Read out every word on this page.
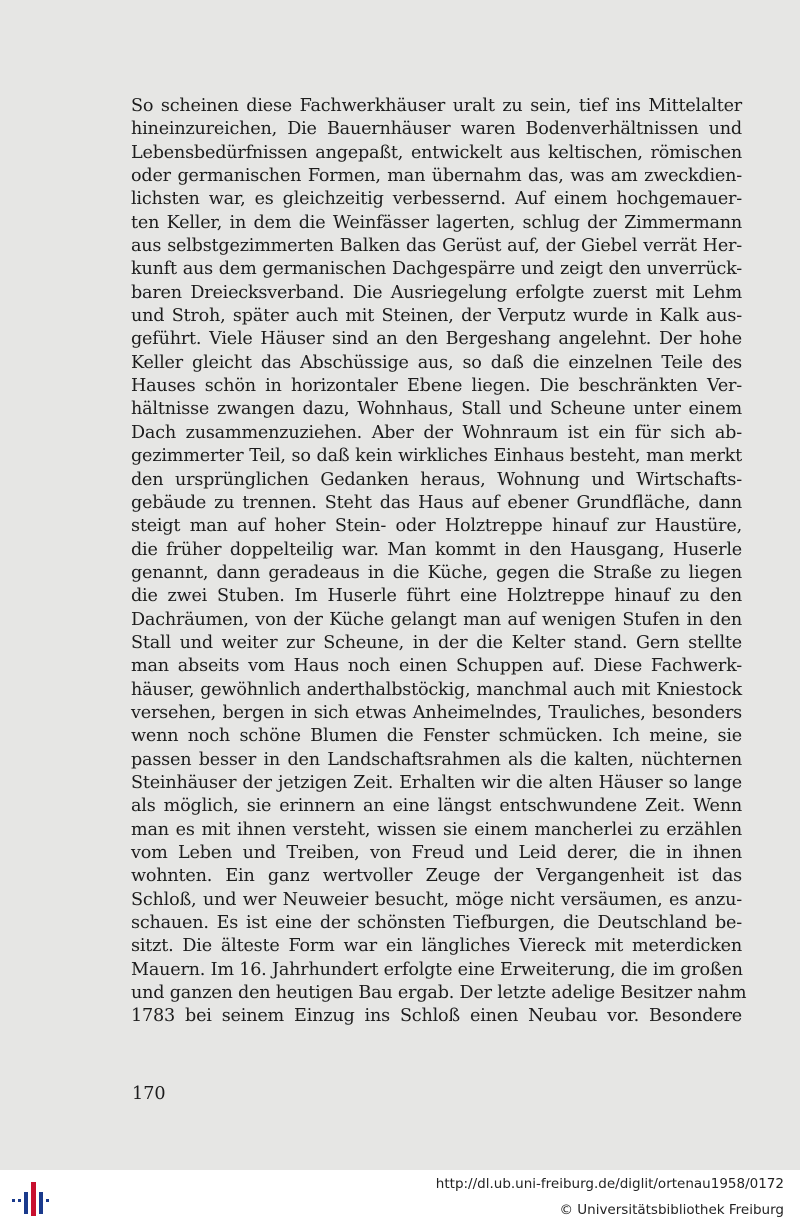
So scheinen diese Fachwerkhäuser uralt zu sein, tief ins Mittelalter
hineinzureichen, Die Bauernhäuser waren Bodenverhältnissen und
Lebensbedürfnissen angepaßt, entwickelt aus keltischen, römischen
oder germanischen Formen, man übernahm das, was am zweckdien-
lichsten war, es gleichzeitig verbessernd. Auf einem hochgemauer-
ten Keller, in dem die Weinfässer lagerten, schlug der Zimmermann
aus selbstgezimmerten Balken das Gerüst auf, der Giebel verrät Her-
kunft aus dem germanischen Dachgespärre und zeigt den unverrück-
baren Dreiecksverband. Die Ausriegelung erfolgte zuerst mit Lehm
und Stroh, später auch mit Steinen, der Verputz wurde in Kalk aus-
geführt. Viele Häuser sind an den Bergeshang angelehnt. Der hohe
Keller gleicht das Abschüssige aus, so daß die einzelnen Teile des
Hauses schön in horizontaler Ebene liegen. Die beschränkten Ver-
hältnisse zwangen dazu, Wohnhaus, Stall und Scheune unter einem
Dach zusammenzuziehen. Aber der Wohnraum ist ein für sich ab-
gezimmerter Teil, so daß kein wirkliches Einhaus besteht, man merkt
den ursprünglichen Gedanken heraus, Wohnung und Wirtschafts-
gebäude zu trennen. Steht das Haus auf ebener Grundfläche, dann
steigt man auf hoher Stein- oder Holztreppe hinauf zur Haustüre,
die früher doppelteilig war. Man kommt in den Hausgang, Huserle
genannt, dann geradeaus in die Küche, gegen die Straße zu liegen
die zwei Stuben. Im Huserle führt eine Holztreppe hinauf zu den
Dachräumen, von der Küche gelangt man auf wenigen Stufen in den
Stall und weiter zur Scheune, in der die Kelter stand. Gern stellte
man abseits vom Haus noch einen Schuppen auf. Diese Fachwerk-
häuser, gewöhnlich anderthalbstöckig, manchmal auch mit Kniestock
versehen, bergen in sich etwas Anheimelndes, Trauliches, besonders
wenn noch schöne Blumen die Fenster schmücken. Ich meine, sie
passen besser in den Landschaftsrahmen als die kalten, nüchternen
Steinhäuser der jetzigen Zeit. Erhalten wir die alten Häuser so lange
als möglich, sie erinnern an eine längst entschwundene Zeit. Wenn
man es mit ihnen versteht, wissen sie einem mancherlei zu erzählen
vom Leben und Treiben, von Freud und Leid derer, die in ihnen
wohnten. Ein ganz wertvoller Zeuge der Vergangenheit ist das
Schloß, und wer Neuweier besucht, möge nicht versäumen, es anzu-
schauen. Es ist eine der schönsten Tiefburgen, die Deutschland be-
sitzt. Die älteste Form war ein längliches Viereck mit meterdicken
Mauern. Im 16. Jahrhundert erfolgte eine Erweiterung, die im großen
und ganzen den heutigen Bau ergab. Der letzte adelige Besitzer nahm
1783 bei seinem Einzug ins Schloß einen Neubau vor. Besondere
170
http://dl.ub.uni-freiburg.de/diglit/ortenau1958/0172
© Universitätsbibliothek Freiburg
